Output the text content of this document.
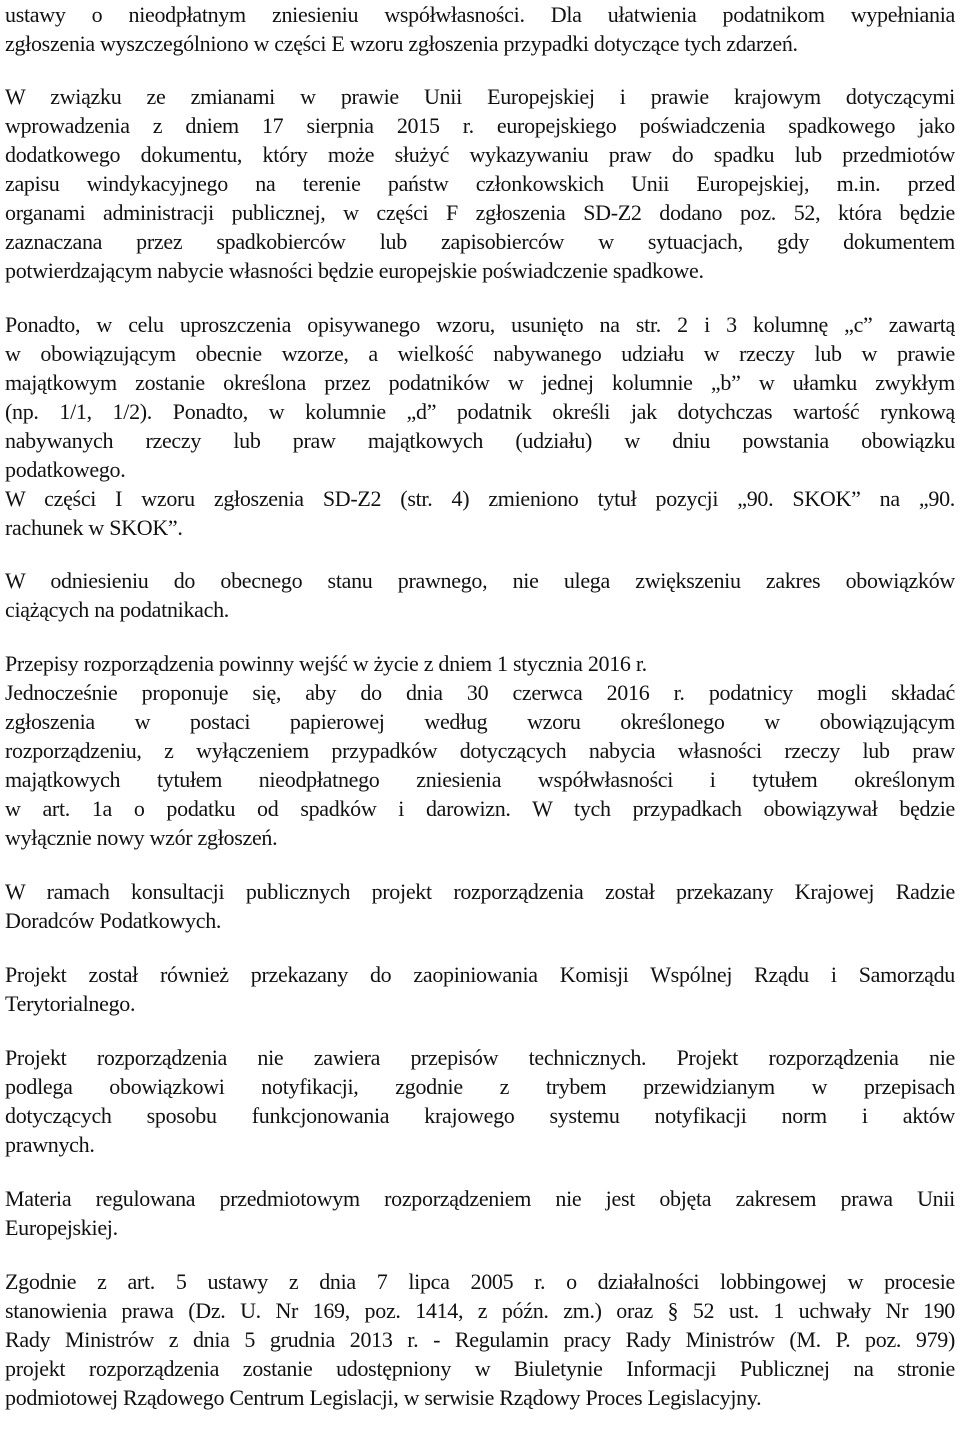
ustawy o nieodpłatnym zniesieniu współwłasności. Dla ułatwienia podatnikom wypełniania
zgłoszenia wyszczególniono w części E wzoru zgłoszenia przypadki dotyczące tych zdarzeń.
W związku ze zmianami w prawie Unii Europejskiej i prawie krajowym dotyczącymi
wprowadzenia z dniem 17 sierpnia 2015 r. europejskiego poświadczenia spadkowego jako
dodatkowego dokumentu, który może służyć wykazywaniu praw do spadku lub przedmiotów
zapisu windykacyjnego na terenie państw członkowskich Unii Europejskiej, m.in. przed
organami administracji publicznej, w części F zgłoszenia SD-Z2 dodano poz. 52, która będzie
zaznaczana przez spadkobierców lub zapisobierców w sytuacjach, gdy dokumentem
potwierdzającym nabycie własności będzie europejskie poświadczenie spadkowe.
Ponadto, w celu uproszczenia opisywanego wzoru, usunięto na str. 2 i 3 kolumnę „c” zawartą
w obowiązującym obecnie wzorze, a wielkość nabywanego udziału w rzeczy lub w prawie
majątkowym zostanie określona przez podatników w jednej kolumnie „b” w ułamku zwykłym
(np. 1/1, 1/2). Ponadto, w kolumnie „d” podatnik określi jak dotychczas wartość rynkową
nabywanych rzeczy lub praw majątkowych (udziału) w dniu powstania obowiązku
podatkowego.
W części I wzoru zgłoszenia SD-Z2 (str. 4) zmieniono tytuł pozycji „90. SKOK” na „90.
rachunek w SKOK”.
W odniesieniu do obecnego stanu prawnego, nie ulega zwiększeniu zakres obowiązków
ciążących na podatnikach.
Przepisy rozporządzenia powinny wejść w życie z dniem 1 stycznia 2016 r.
Jednocześnie proponuje się, aby do dnia 30 czerwca 2016 r. podatnicy mogli składać
zgłoszenia w postaci papierowej według wzoru określonego w obowiązującym
rozporządzeniu, z wyłączeniem przypadków dotyczących nabycia własności rzeczy lub praw
majątkowych tytułem nieodpłatnego zniesienia współwłasności i tytułem określonym
w art. 1a o podatku od spadków i darowizn. W tych przypadkach obowiązywał będzie
wyłącznie nowy wzór zgłoszeń.
W ramach konsultacji publicznych projekt rozporządzenia został przekazany Krajowej Radzie
Doradców Podatkowych.
Projekt został również przekazany do zaopiniowania Komisji Wspólnej Rządu i Samorządu
Terytorialnego.
Projekt rozporządzenia nie zawiera przepisów technicznych. Projekt rozporządzenia nie
podlega obowiązkowi notyfikacji, zgodnie z trybem przewidzianym w przepisach
dotyczących sposobu funkcjonowania krajowego systemu notyfikacji norm i aktów
prawnych.
Materia regulowana przedmiotowym rozporządzeniem nie jest objęta zakresem prawa Unii
Europejskiej.
Zgodnie z art. 5 ustawy z dnia 7 lipca 2005 r. o działalności lobbingowej w procesie
stanowienia prawa (Dz. U. Nr 169, poz. 1414, z późn. zm.) oraz § 52 ust. 1 uchwały Nr 190
Rady Ministrów z dnia 5 grudnia 2013 r. - Regulamin pracy Rady Ministrów (M. P. poz. 979)
projekt rozporządzenia zostanie udostępniony w Biuletynie Informacji Publicznej na stronie
podmiotowej Rządowego Centrum Legislacji, w serwisie Rządowy Proces Legislacyjny.
